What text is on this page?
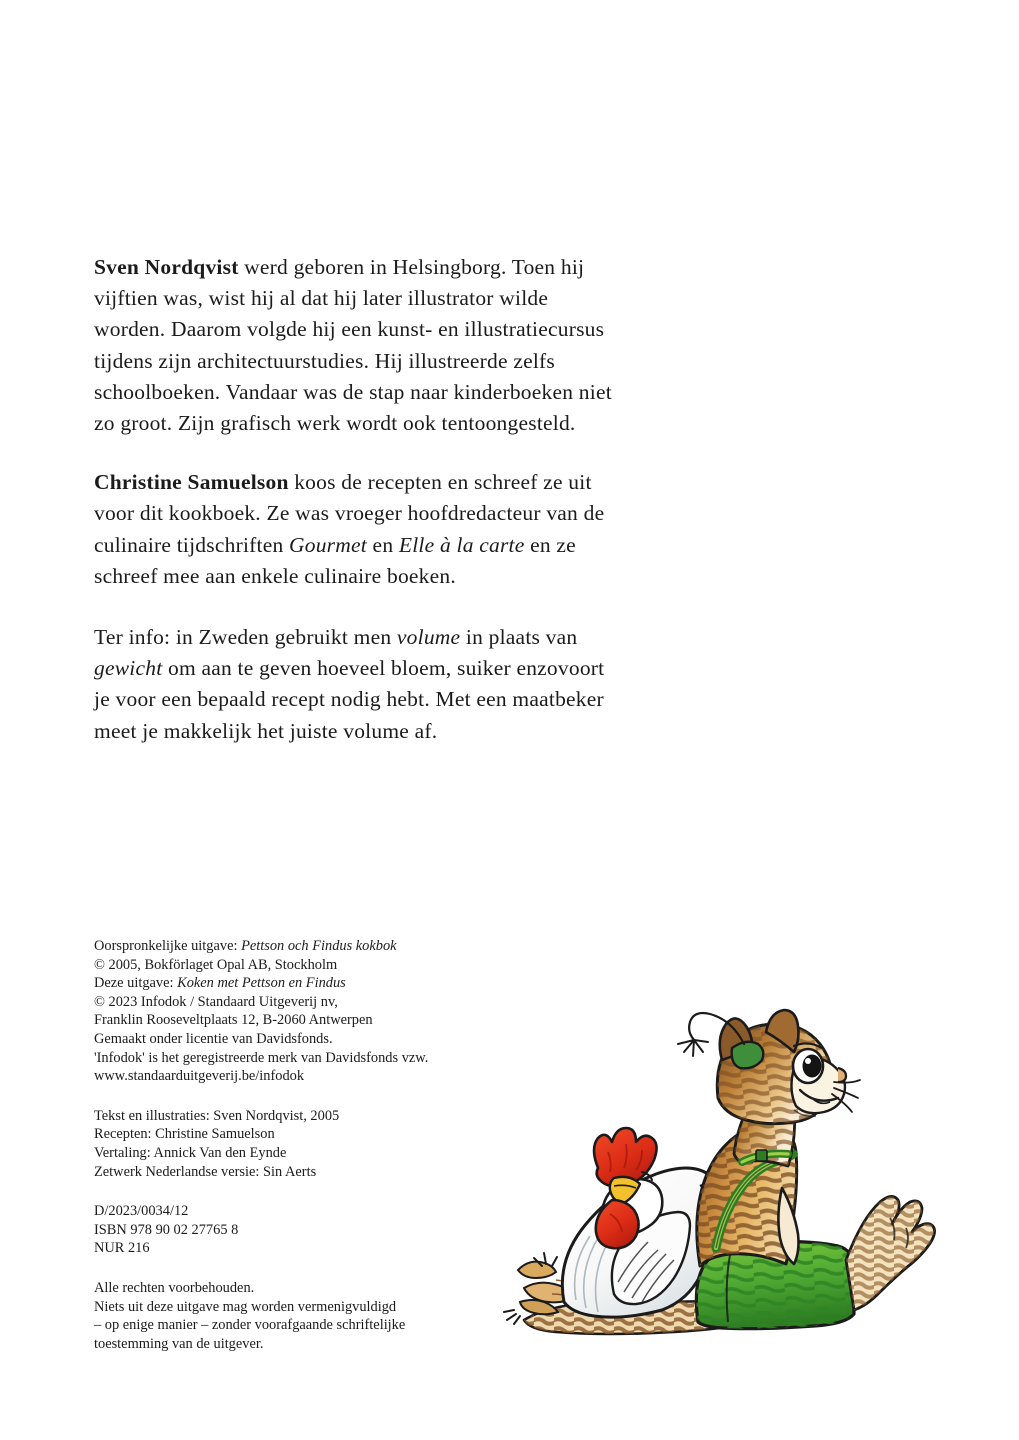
Sven Nordqvist werd geboren in Helsingborg. Toen hij vijftien was, wist hij al dat hij later illustrator wilde worden. Daarom volgde hij een kunst- en illustratiecursus tijdens zijn architectuurstudies. Hij illustreerde zelfs schoolboeken. Vandaar was de stap naar kinderboeken niet zo groot. Zijn grafisch werk wordt ook tentoongesteld.

Christine Samuelson koos de recepten en schreef ze uit voor dit kookboek. Ze was vroeger hoofdredacteur van de culinaire tijdschriften Gourmet en Elle à la carte en ze schreef mee aan enkele culinaire boeken.

Ter info: in Zweden gebruikt men volume in plaats van gewicht om aan te geven hoeveel bloem, suiker enzovoort je voor een bepaald recept nodig hebt. Met een maatbeker meet je makkelijk het juiste volume af.

Oorspronkelijke uitgave: Pettson och Findus kokbok

© 2005, Bokförlaget Opal AB, Stockholm

Deze uitgave: Koken met Pettson en Findus

© 2023 Infodok / Standaard Uitgeverij nv,

Franklin Rooseveltplaats 12, B-2060 Antwerpen

Gemaakt onder licentie van Davidsfonds.

'Infodok' is het geregistreerde merk van Davidsfonds vzw.

www.standaarduitgeverij.be/infodok

Tekst en illustraties: Sven Nordqvist, 2005

Recepten: Christine Samuelson

Vertaling: Annick Van den Eynde

Zetwerk Nederlandse versie: Sin Aerts

D/2023/0034/12

ISBN 978 90 02 27765 8

NUR 216

Alle rechten voorbehouden.

Niets uit deze uitgave mag worden vermenigvuldigd

– op enige manier – zonder voorafgaande schriftelijke

toestemming van de uitgever.
